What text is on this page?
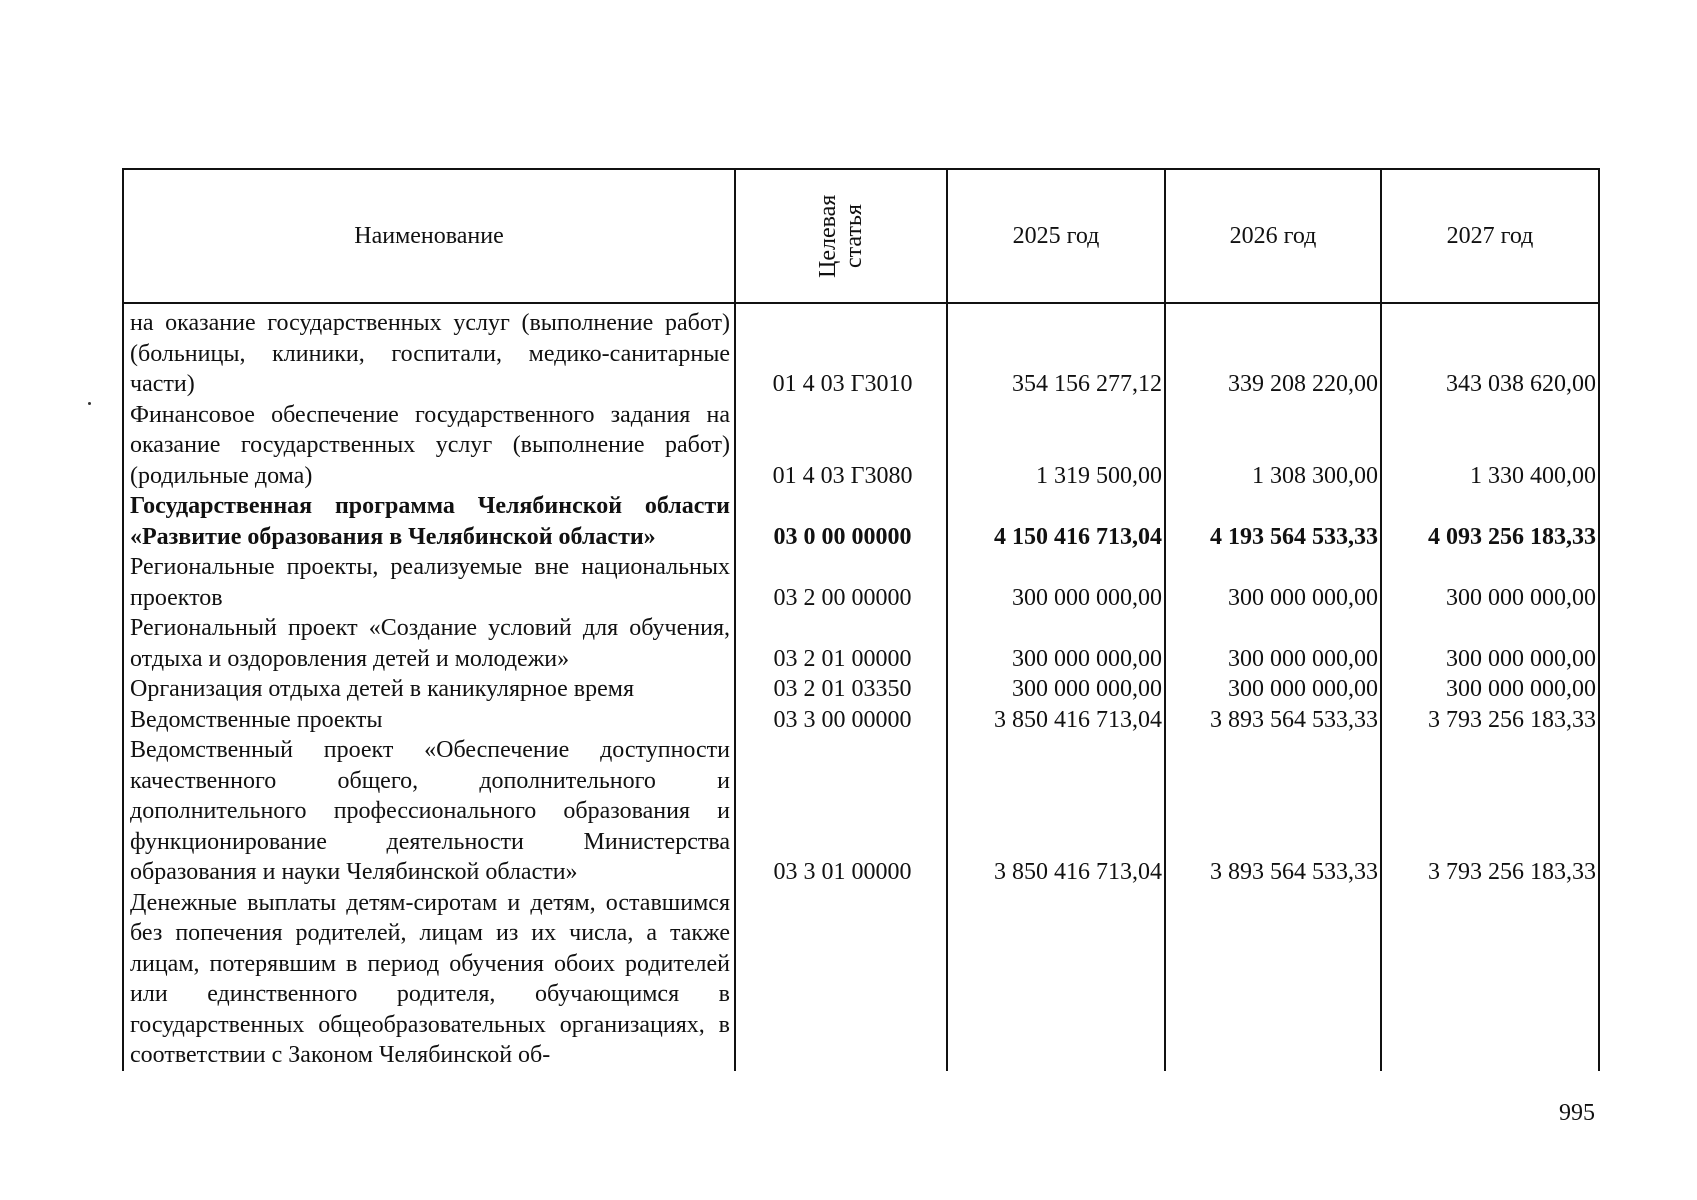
Наименование	Целевая статья	2025 год	2026 год	2027 год
на оказание государственных услуг (выполнение работ) (больницы, клиники, госпитали, медико-санитарные части)	01 4 03 Г3010	354 156 277,12	339 208 220,00	343 038 620,00
Финансовое обеспечение государственного задания на оказание государственных услуг (выполнение работ) (родильные дома)	01 4 03 Г3080	1 319 500,00	1 308 300,00	1 330 400,00
Государственная программа Челябинской области «Развитие образования в Челябинской области»	03 0 00 00000	4 150 416 713,04	4 193 564 533,33	4 093 256 183,33
Региональные проекты, реализуемые вне национальных проектов	03 2 00 00000	300 000 000,00	300 000 000,00	300 000 000,00
Региональный проект «Создание условий для обучения, отдыха и оздоровления детей и молодежи»	03 2 01 00000	300 000 000,00	300 000 000,00	300 000 000,00
Организация отдыха детей в каникулярное время	03 2 01 03350	300 000 000,00	300 000 000,00	300 000 000,00
Ведомственные проекты	03 3 00 00000	3 850 416 713,04	3 893 564 533,33	3 793 256 183,33
Ведомственный проект «Обеспечение доступности качественного общего, дополнительного и дополнительного профессионального образования и функционирование деятельности Министерства образования и науки Челябинской области»	03 3 01 00000	3 850 416 713,04	3 893 564 533,33	3 793 256 183,33
Денежные выплаты детям-сиротам и детям, оставшимся без попечения родителей, лицам из их числа, а также лицам, потерявшим в период обучения обоих родителей или единственного родителя, обучающимся в государственных общеобразовательных организациях, в соответствии с Законом Челябинской об-				
995
